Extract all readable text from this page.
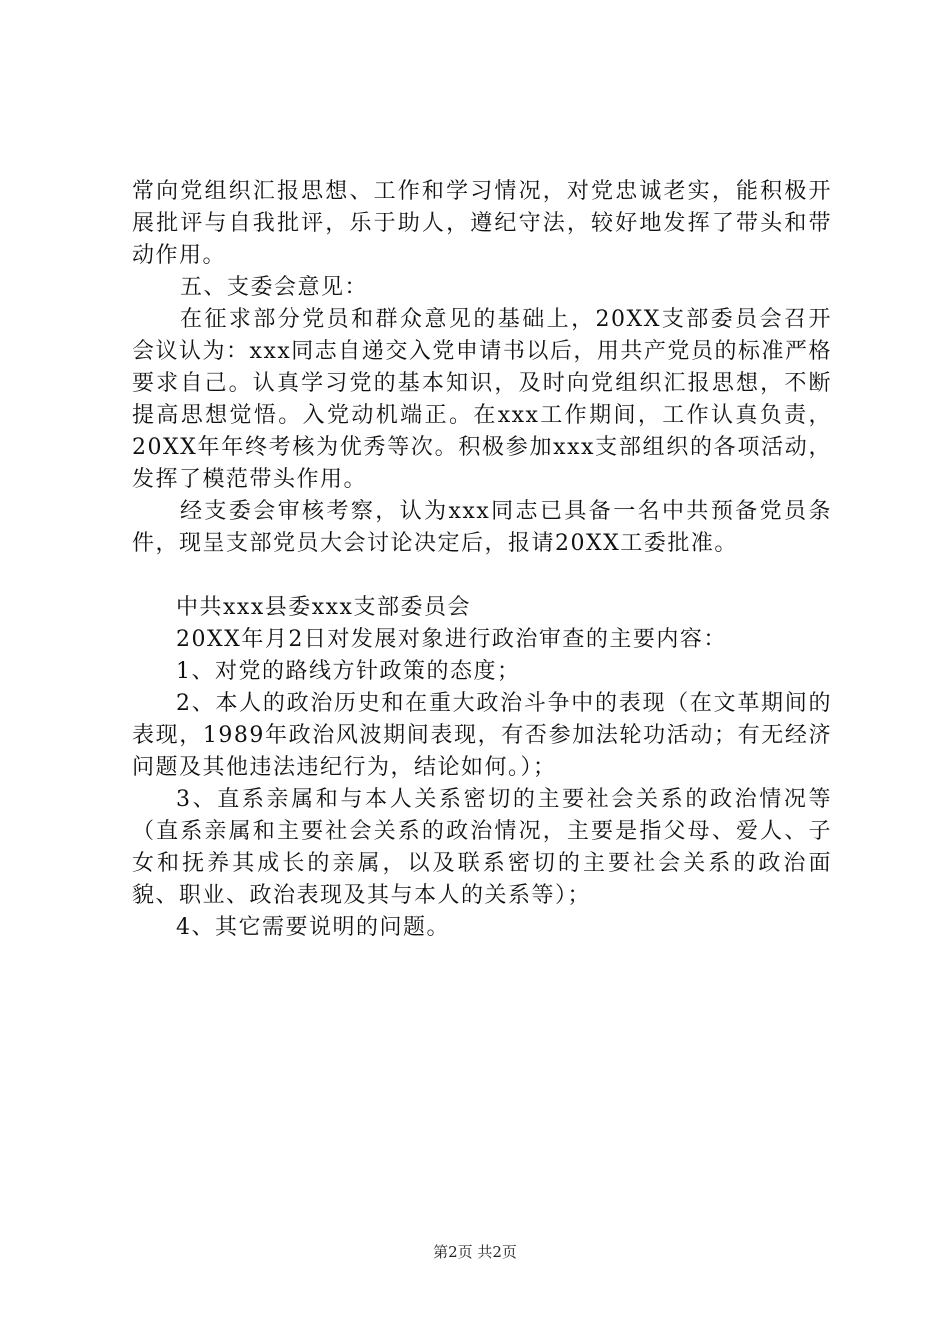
常向党组织汇报思想、工作和学习情况，对党忠诚老实，能积极开展批评与自我批评，乐于助人，遵纪守法，较好地发挥了带头和带动作用。

五、支委会意见：

在征求部分党员和群众意见的基础上，20XX支部委员会召开会议认为：xxx同志自递交入党申请书以后，用共产党员的标准严格要求自己。认真学习党的基本知识，及时向党组织汇报思想，不断提高思想觉悟。入党动机端正。在xxx工作期间，工作认真负责，20XX年年终考核为优秀等次。积极参加xxx支部组织的各项活动，发挥了模范带头作用。

经支委会审核考察，认为xxx同志已具备一名中共预备党员条件，现呈支部党员大会讨论决定后，报请20XX工委批准。

中共xxx县委xxx支部委员会

20XX年月2日对发展对象进行政治审查的主要内容：

1、对党的路线方针政策的态度；

2、本人的政治历史和在重大政治斗争中的表现（在文革期间的表现，1989年政治风波期间表现，有否参加法轮功活动；有无经济问题及其他违法违纪行为，结论如何。）；

3、直系亲属和与本人关系密切的主要社会关系的政治情况等（直系亲属和主要社会关系的政治情况，主要是指父母、爱人、子女和抚养其成长的亲属，以及联系密切的主要社会关系的政治面貌、职业、政治表现及其与本人的关系等）；

4、其它需要说明的问题。

第2页 共2页
